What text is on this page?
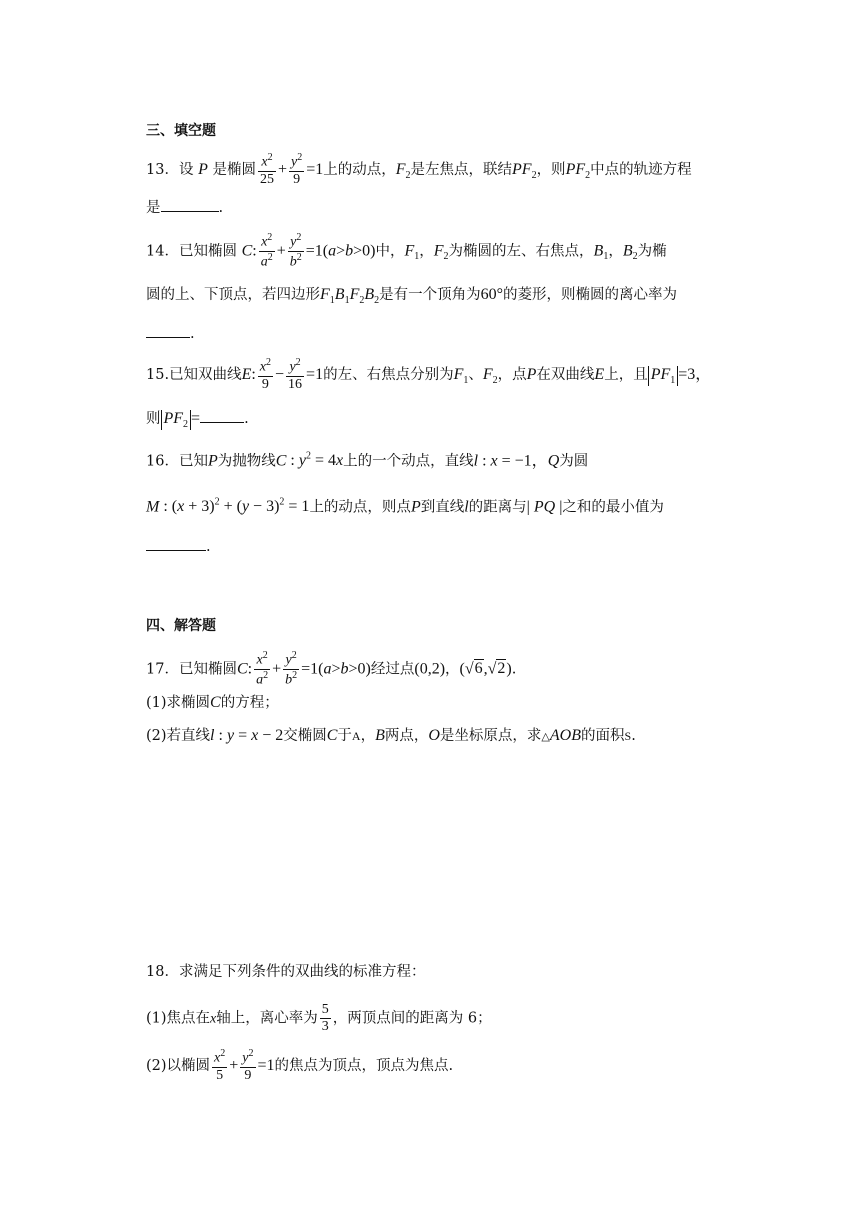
三、填空题
13．设 P 是椭圆 $\frac{x^2}{25} + \frac{y^2}{9} =1$上的动点，$F_2$是左焦点，联结$PF_2$，则$PF_2$中点的轨迹方程
是	.
14．已知椭圆 C: $\frac{x^2}{a^2} + \frac{y^2}{b^2} =1(a>b>0)$中，$F_1$，$F_2$为椭圆的左、右焦点，$B_1$，$B_2$为椭
圆的上、下顶点，若四边形$F_1B_1F_2B_2$是有一个顶角为60°的菱形，则椭圆的离心率为
.
15.已知双曲线E: $\frac{x^2}{9} - \frac{y^2}{16} =1$的左、右焦点分别为$F_1$、$F_2$，点P在双曲线E上，且 $PF_1 =3$，
则 $PF_2$ =	.
16．已知P为抛物线C : $y^2 = 4x$上的一个动点，直线l : x = −1，Q为圆
M : $(x + 3)^2 + (y - 3)^2 = 1$上的动点，则点P到直线l的距离与| PQ |之和的最小值为
.
四、解答题
17．已知椭圆C: $\frac{x^2}{a^2} + \frac{y^2}{b^2} =1(a>b>0)$经过点(0,2)，(√6,√2).
(1)求椭圆C的方程；
(2)若直线l : y = x − 2交椭圆C于A，B两点，O是坐标原点，求△AOB的面积S.
18．求满足下列条件的双曲线的标准方程：
(1)焦点在x轴上，离心率为 $\frac{5}{3}$ ，两顶点间的距离为 6；
(2)以椭圆 $\frac{x^2}{5} + \frac{y^2}{9} =1$的焦点为顶点，顶点为焦点.
